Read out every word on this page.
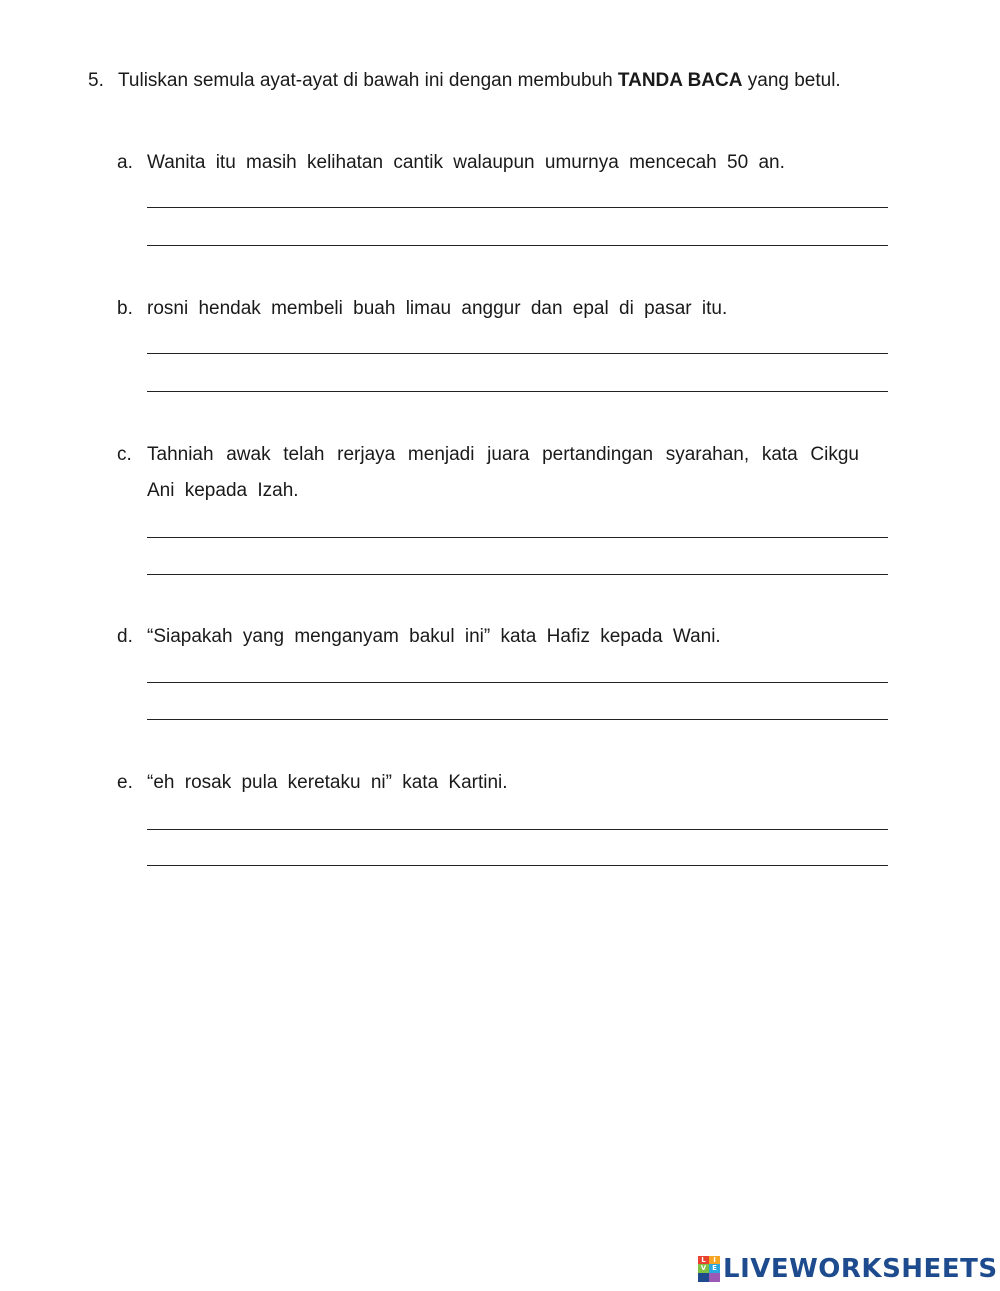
5. Tuliskan semula ayat-ayat di bawah ini dengan membubuh TANDA BACA yang betul.
a. Wanita itu masih kelihatan cantik walaupun umurnya mencecah 50 an.
b. rosni hendak membeli buah limau anggur dan epal di pasar itu.
c. Tahniah awak telah rerjaya menjadi juara pertandingan syarahan, kata Cikgu Ani kepada Izah.
d. “Siapakah yang menganyam bakul ini” kata Hafiz kepada Wani.
e. “eh rosak pula keretaku ni” kata Kartini.
L	I
V E LIVEWORKSHEETS
